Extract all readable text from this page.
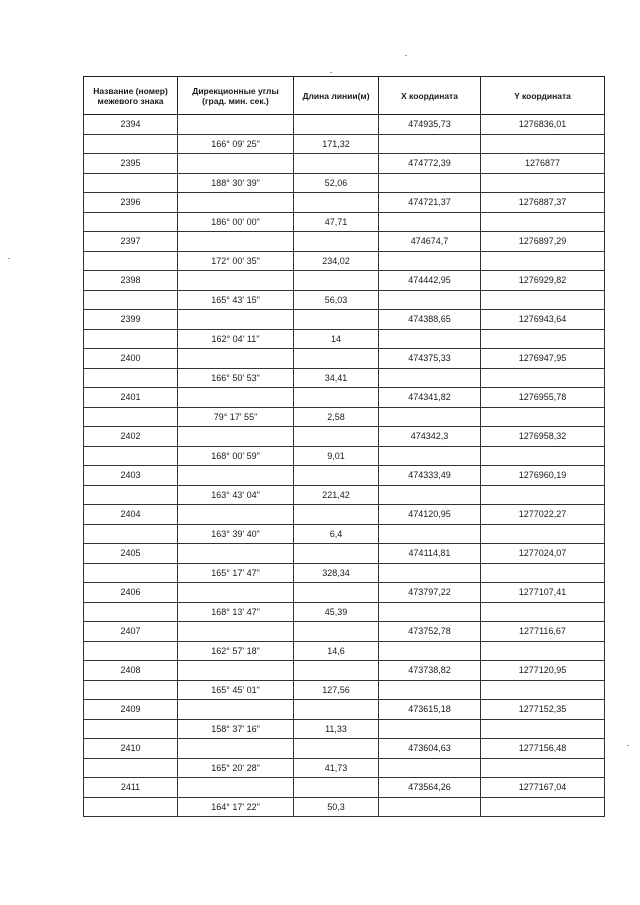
Название (номер) межевого знака	Дирекционные углы (град. мин. сек.)	Длина линии(м)	X координата	Y координата
2394			474935,73	1276836,01
	166° 09' 25"	171,32		
2395			474772,39	1276877
	188° 30' 39"	52,06		
2396			474721,37	1276887,37
	186° 00' 00"	47,71		
2397			474674,7	1276897,29
	172° 00' 35"	234,02		
2398			474442,95	1276929,82
	165° 43' 15"	56,03		
2399			474388,65	1276943,64
	162° 04' 11"	14		
2400			474375,33	1276947,95
	166° 50' 53"	34,41		
2401			474341,82	1276955,78
	79° 17' 55"	2,58		
2402			474342,3	1276958,32
	168° 00' 59"	9,01		
2403			474333,49	1276960,19
	163° 43' 04"	221,42		
2404			474120,95	1277022,27
	163° 39' 40"	6,4		
2405			474114,81	1277024,07
	165° 17' 47"	328,34		
2406			473797,22	1277107,41
	168° 13' 47"	45,39		
2407			473752,78	1277116,67
	162° 57' 18"	14,6		
2408			473738,82	1277120,95
	165° 45' 01"	127,56		
2409			473615,18	1277152,35
	158° 37' 16"	11,33		
2410			473604,63	1277156,48
	165° 20' 28"	41,73		
2411			473564,26	1277167,04
	164° 17' 22"	50,3		
